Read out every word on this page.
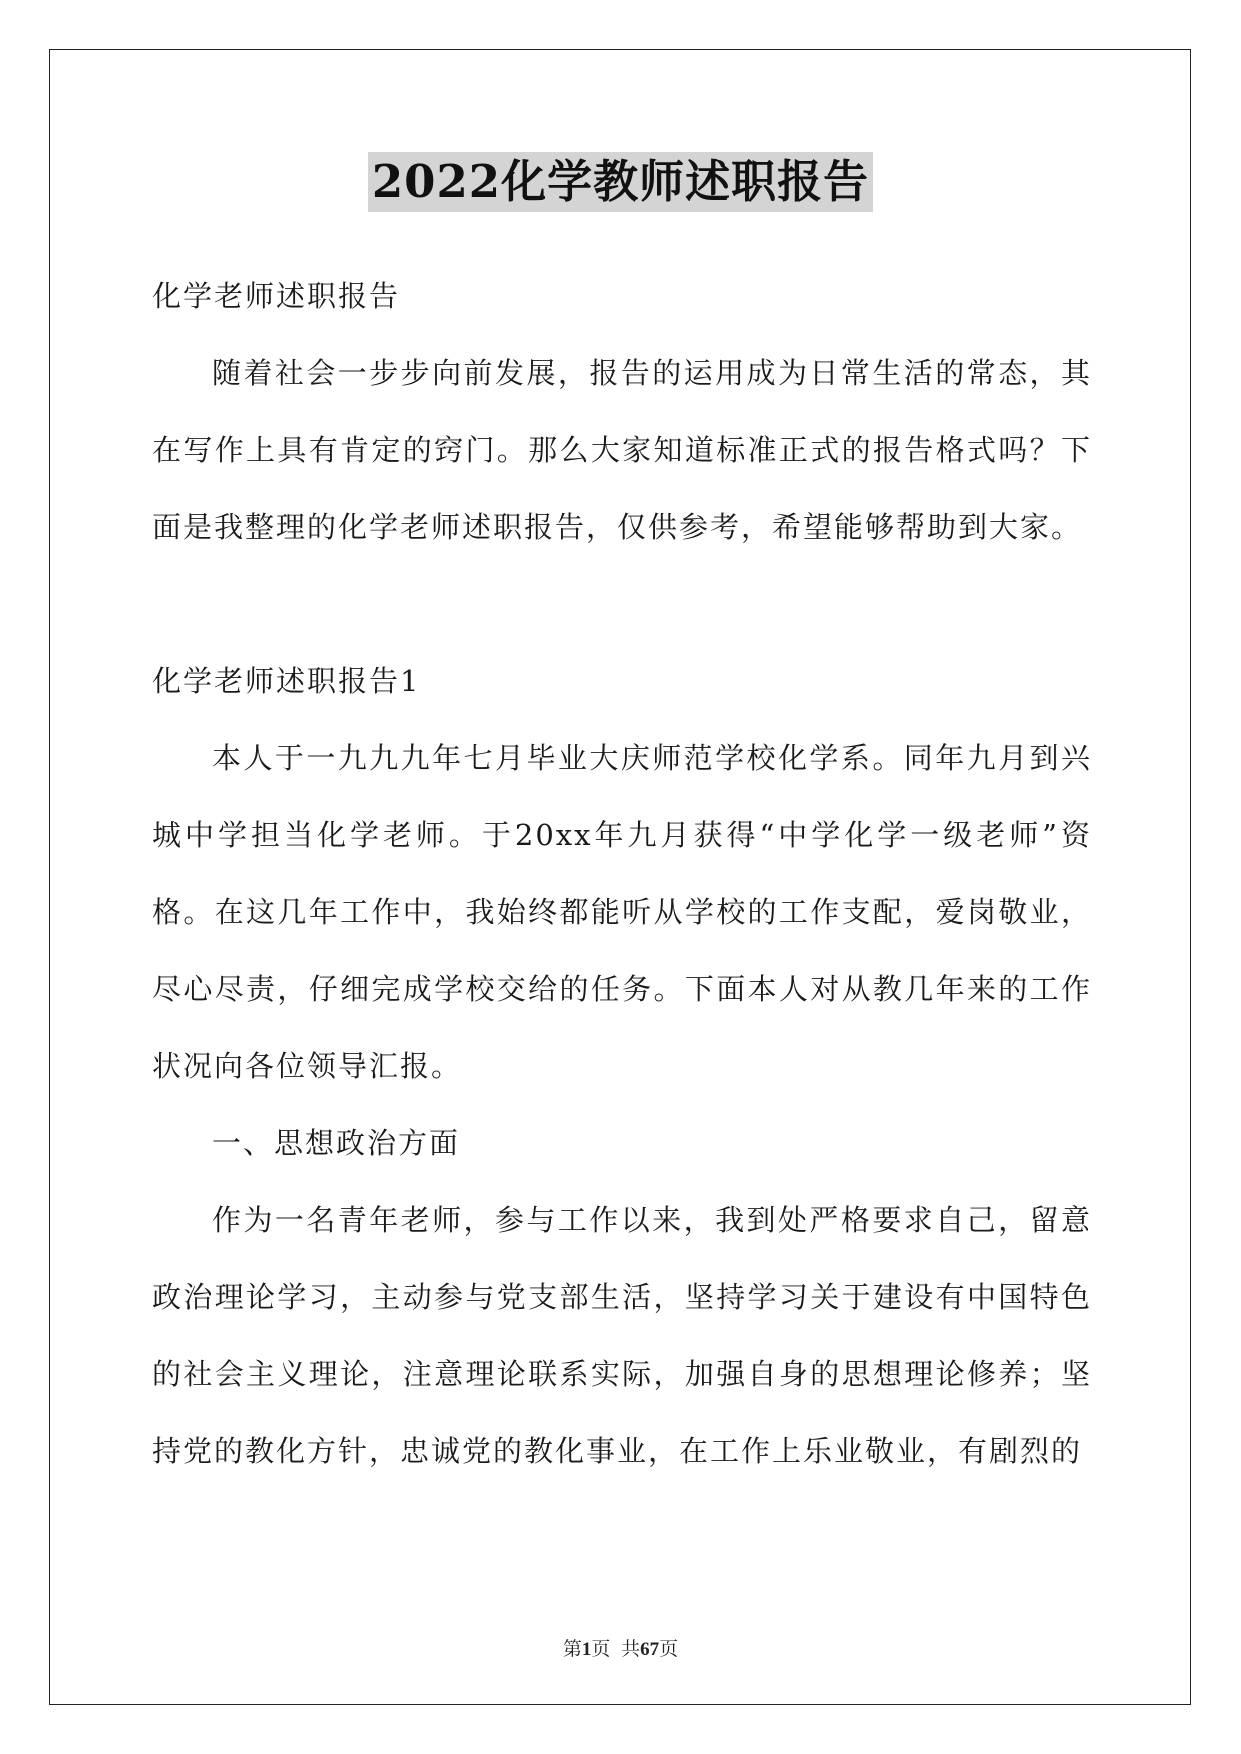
2022化学教师述职报告

化学老师述职报告

随着社会一步步向前发展，报告的运用成为日常生活的常态，其在写作上具有肯定的窍门。那么大家知道标准正式的报告格式吗？下面是我整理的化学老师述职报告，仅供参考，希望能够帮助到大家。

化学老师述职报告1

本人于一九九九年七月毕业大庆师范学校化学系。同年九月到兴城中学担当化学老师。于20xx年九月获得“中学化学一级老师”资格。在这几年工作中，我始终都能听从学校的工作支配，爱岗敬业，尽心尽责，仔细完成学校交给的任务。下面本人对从教几年来的工作状况向各位领导汇报。

一、思想政治方面

作为一名青年老师，参与工作以来，我到处严格要求自己，留意政治理论学习，主动参与党支部生活，坚持学习关于建设有中国特色的社会主义理论，注意理论联系实际，加强自身的思想理论修养；坚持党的教化方针，忠诚党的教化事业，在工作上乐业敬业，有剧烈的

第1页 共67页
